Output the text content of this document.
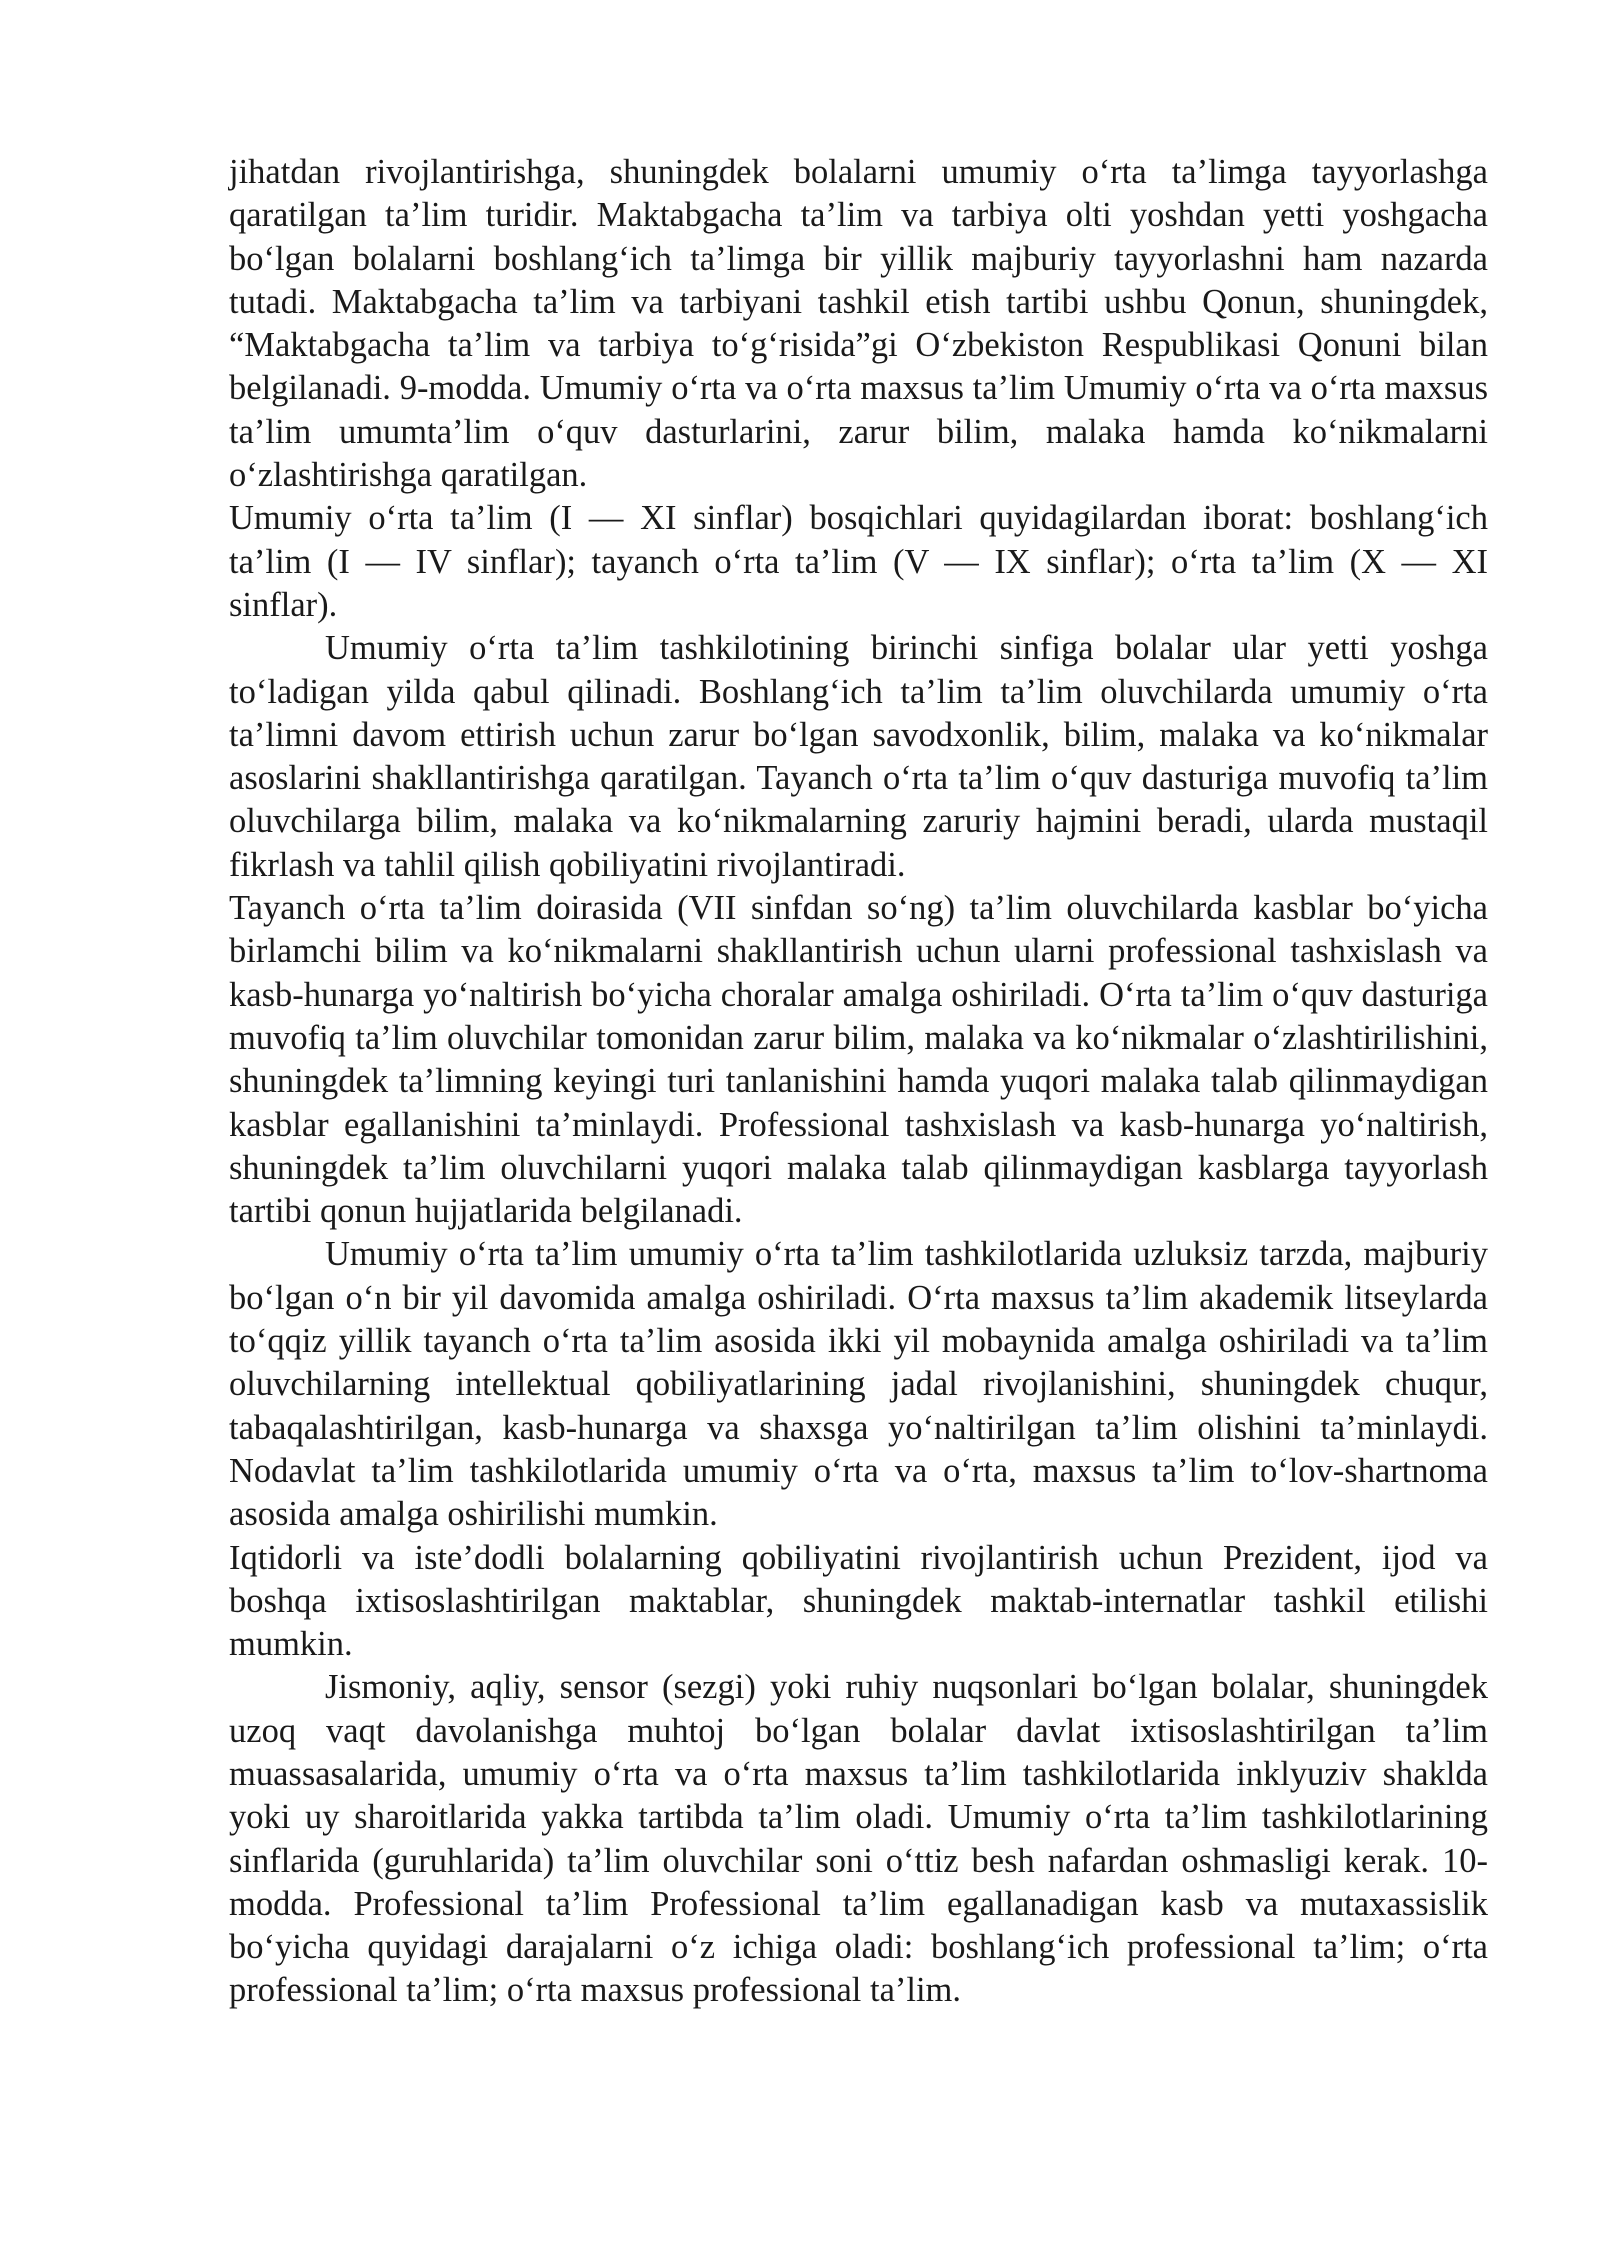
jihatdan rivojlantirishga, shuningdek bolalarni umumiy o‘rta ta’limga tayyorlashga qaratilgan ta’lim turidir. Maktabgacha ta’lim va tarbiya olti yoshdan yetti yoshgacha bo‘lgan bolalarni boshlang‘ich ta’limga bir yillik majburiy tayyorlashni ham nazarda tutadi. Maktabgacha ta’lim va tarbiyani tashkil etish tartibi ushbu Qonun, shuningdek, “Maktabgacha ta’lim va tarbiya to‘g‘risida”gi O‘zbekiston Respublikasi Qonuni bilan belgilanadi. 9-modda. Umumiy o‘rta va o‘rta maxsus ta’lim Umumiy o‘rta va o‘rta maxsus ta’lim umumta’lim o‘quv dasturlarini, zarur bilim, malaka hamda ko‘nikmalarni o‘zlashtirishga qaratilgan.

Umumiy o‘rta ta’lim (I — XI sinflar) bosqichlari quyidagilardan iborat: boshlang‘ich ta’lim (I — IV sinflar); tayanch o‘rta ta’lim (V — IX sinflar); o‘rta ta’lim (X — XI sinflar).

Umumiy o‘rta ta’lim tashkilotining birinchi sinfiga bolalar ular yetti yoshga to‘ladigan yilda qabul qilinadi. Boshlang‘ich ta’lim ta’lim oluvchilarda umumiy o‘rta ta’limni davom ettirish uchun zarur bo‘lgan savodxonlik, bilim, malaka va ko‘nikmalar asoslarini shakllantirishga qaratilgan. Tayanch o‘rta ta’lim o‘quv dasturiga muvofiq ta’lim oluvchilarga bilim, malaka va ko‘nikmalarning zaruriy hajmini beradi, ularda mustaqil fikrlash va tahlil qilish qobiliyatini rivojlantiradi.

Tayanch o‘rta ta’lim doirasida (VII sinfdan so‘ng) ta’lim oluvchilarda kasblar bo‘yicha birlamchi bilim va ko‘nikmalarni shakllantirish uchun ularni professional tashxislash va kasb-hunarga yo‘naltirish bo‘yicha choralar amalga oshiriladi. O‘rta ta’lim o‘quv dasturiga muvofiq ta’lim oluvchilar tomonidan zarur bilim, malaka va ko‘nikmalar o‘zlashtirilishini, shuningdek ta’limning keyingi turi tanlanishini hamda yuqori malaka talab qilinmaydigan kasblar egallanishini ta’minlaydi. Professional tashxislash va kasb-hunarga yo‘naltirish, shuningdek ta’lim oluvchilarni yuqori malaka talab qilinmaydigan kasblarga tayyorlash tartibi qonun hujjatlarida belgilanadi.

Umumiy o‘rta ta’lim umumiy o‘rta ta’lim tashkilotlarida uzluksiz tarzda, majburiy bo‘lgan o‘n bir yil davomida amalga oshiriladi. O‘rta maxsus ta’lim akademik litseylarda to‘qqiz yillik tayanch o‘rta ta’lim asosida ikki yil mobaynida amalga oshiriladi va ta’lim oluvchilarning intellektual qobiliyatlarining jadal rivojlanishini, shuningdek chuqur, tabaqalashtirilgan, kasb-hunarga va shaxsga yo‘naltirilgan ta’lim olishini ta’minlaydi. Nodavlat ta’lim tashkilotlarida umumiy o‘rta va o‘rta, maxsus ta’lim to‘lov-shartnoma asosida amalga oshirilishi mumkin.

Iqtidorli va iste’dodli bolalarning qobiliyatini rivojlantirish uchun Prezident, ijod va boshqa ixtisoslashtirilgan maktablar, shuningdek maktab-internatlar tashkil etilishi mumkin.

Jismoniy, aqliy, sensor (sezgi) yoki ruhiy nuqsonlari bo‘lgan bolalar, shuningdek uzoq vaqt davolanishga muhtoj bo‘lgan bolalar davlat ixtisoslashtirilgan ta’lim muassasalarida, umumiy o‘rta va o‘rta maxsus ta’lim tashkilotlarida inklyuziv shaklda yoki uy sharoitlarida yakka tartibda ta’lim oladi. Umumiy o‘rta ta’lim tashkilotlarining sinflarida (guruhlarida) ta’lim oluvchilar soni o‘ttiz besh nafardan oshmasligi kerak. 10-modda. Professional ta’lim Professional ta’lim egallanadigan kasb va mutaxassislik bo‘yicha quyidagi darajalarni o‘z ichiga oladi: boshlang‘ich professional ta’lim; o‘rta professional ta’lim; o‘rta maxsus professional ta’lim.
